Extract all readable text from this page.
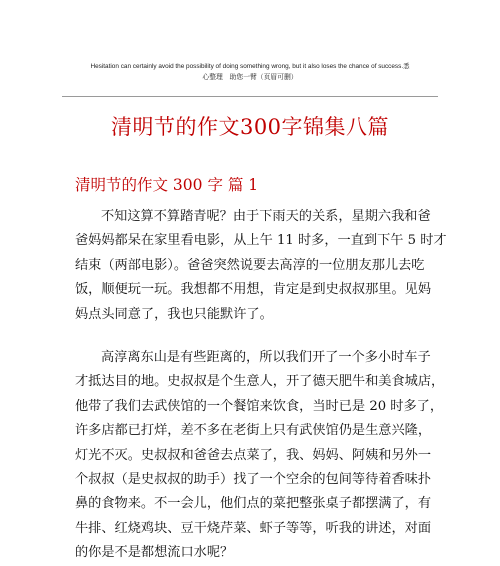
Hesitation can certainly avoid the possibility of doing something wrong, but it also loses the chance of success.悉
心整理　助您一臂（页眉可删）
清明节的作文300字锦集八篇
清明节的作文 300 字 篇 1
不知这算不算踏青呢？由于下雨天的关系，星期六我和爸
爸妈妈都呆在家里看电影，从上午 11 时多，一直到下午 5 时才
结束（两部电影）。爸爸突然说要去高淳的一位朋友那儿去吃
饭，顺便玩一玩。我想都不用想，肯定是到史叔叔那里。见妈
妈点头同意了，我也只能默许了。
高淳离东山是有些距离的，所以我们开了一个多小时车子
才抵达目的地。史叔叔是个生意人，开了德天肥牛和美食城店，
他带了我们去武侠馆的一个餐馆来饮食，当时已是 20 时多了，
许多店都已打烊，差不多在老街上只有武侠馆仍是生意兴隆，
灯光不灭。史叔叔和爸爸去点菜了，我、妈妈、阿姨和另外一
个叔叔（是史叔叔的助手）找了一个空余的包间等待着香味扑
鼻的食物来。不一会儿，他们点的菜把整张桌子都摆满了，有
牛排、红烧鸡块、豆干烧芹菜、虾子等等，听我的讲述，对面
的你是不是都想流口水呢？
